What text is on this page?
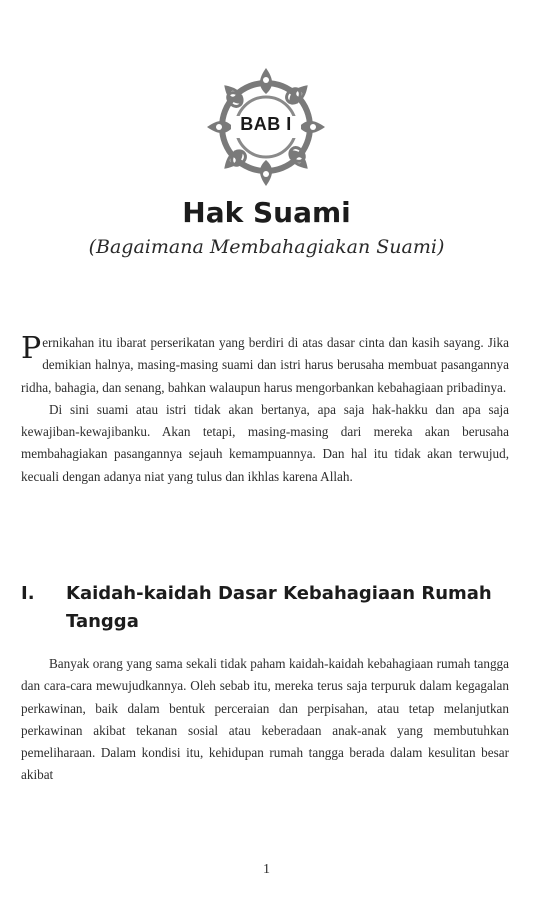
BAB I
Hak Suami
(Bagaimana Membahagiakan Suami)

Pernikahan itu ibarat perserikatan yang berdiri di atas dasar cinta dan kasih sayang. Jika demikian halnya, masing-masing suami dan istri harus berusaha membuat pasangannya ridha, bahagia, dan senang, bahkan walaupun harus mengorbankan kebahagiaan pribadinya.

Di sini suami atau istri tidak akan bertanya, apa saja hak-hakku dan apa saja kewajiban-kewajibanku. Akan tetapi, masing-masing dari mereka akan berusaha membahagiakan pasangannya sejauh kemampuannya. Dan hal itu tidak akan terwujud, kecuali dengan adanya niat yang tulus dan ikhlas karena Allah.

I. Kaidah-kaidah Dasar Kebahagiaan Rumah Tangga

Banyak orang yang sama sekali tidak paham kaidah-kaidah kebahagiaan rumah tangga dan cara-cara mewujudkannya. Oleh sebab itu, mereka terus saja terpuruk dalam kegagalan perkawinan, baik dalam bentuk perceraian dan perpisahan, atau tetap melanjutkan perkawinan akibat tekanan sosial atau keberadaan anak-anak yang membutuhkan pemeliharaan. Dalam kondisi itu, kehidupan rumah tangga berada dalam kesulitan besar akibat

1
